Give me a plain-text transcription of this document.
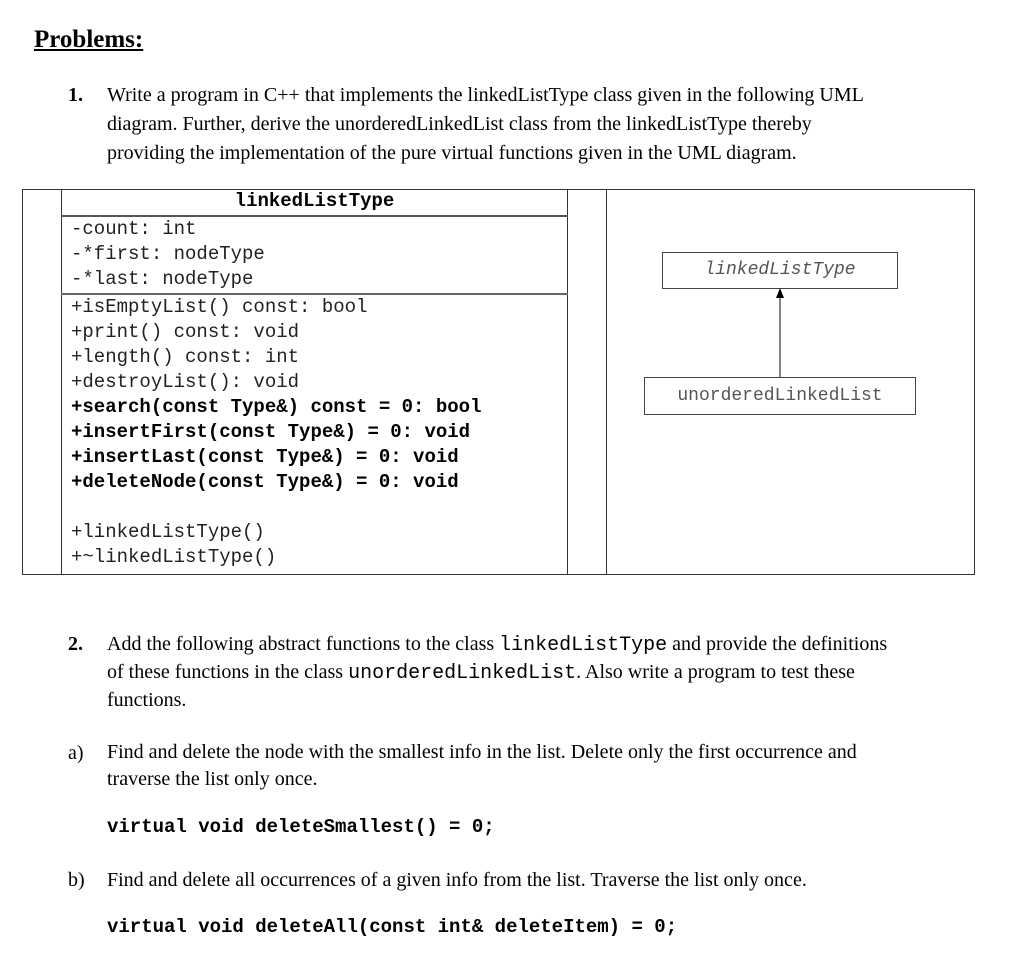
Problems:
1. Write a program in C++ that implements the linkedListType class given in the following UML
diagram. Further, derive the unorderedLinkedList class from the linkedListType thereby
providing the implementation of the pure virtual functions given in the UML diagram.
linkedListType
-count: int
-*first: nodeType
-*last: nodeType
+isEmptyList() const: bool
+print() const: void
+length() const: int
+destroyList(): void
+search(const Type&) const = 0: bool
+insertFirst(const Type&) = 0: void
+insertLast(const Type&) = 0: void
+deleteNode(const Type&) = 0: void
+linkedListType()
+~linkedListType()
linkedListType
unorderedLinkedList
2. Add the following abstract functions to the class linkedListType and provide the definitions
of these functions in the class unorderedLinkedList. Also write a program to test these
functions.
a) Find and delete the node with the smallest info in the list. Delete only the first occurrence and
traverse the list only once.
virtual void deleteSmallest() = 0;
b) Find and delete all occurrences of a given info from the list. Traverse the list only once.
virtual void deleteAll(const int& deleteItem) = 0;
